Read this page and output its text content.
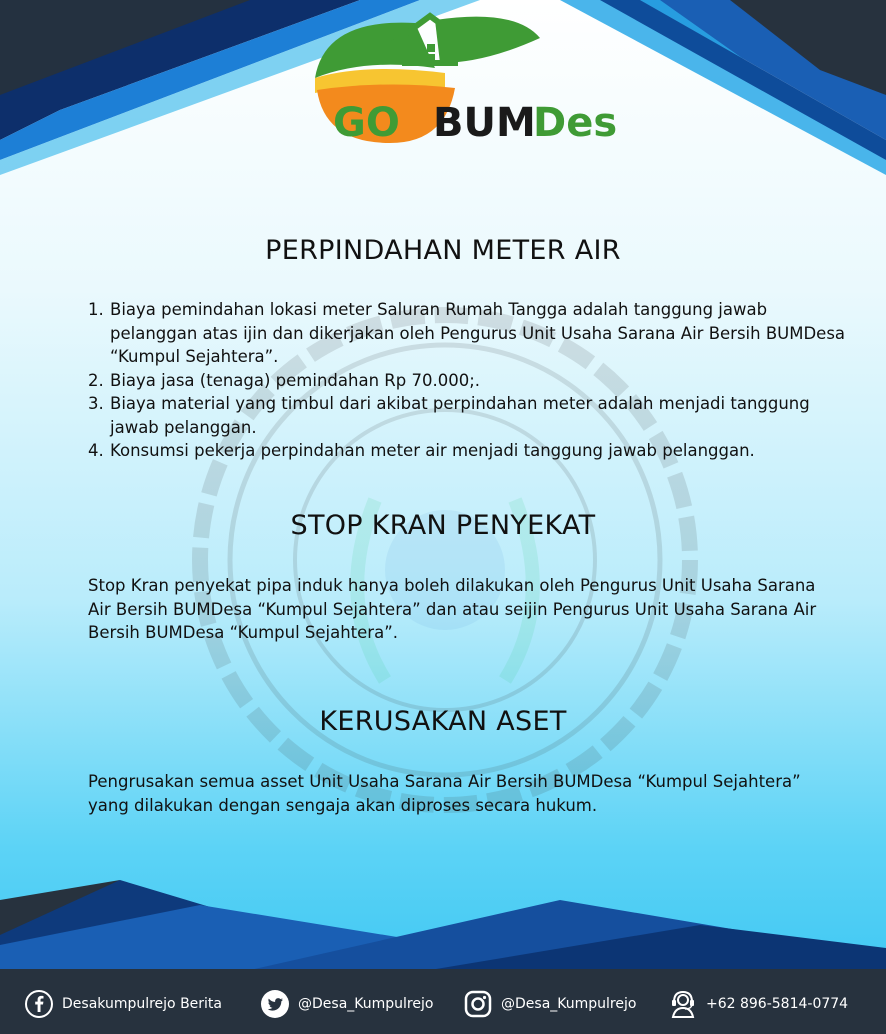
GO BUM
Des
PERPINDAHAN METER AIR
1. Biaya pemindahan lokasi meter Saluran Rumah Tangga adalah tanggung jawab pelanggan atas ijin dan dikerjakan oleh Pengurus Unit Usaha Sarana Air Bersih BUMDesa “Kumpul Sejahtera”.
2. Biaya jasa (tenaga) pemindahan Rp 70.000;.
3. Biaya material yang timbul dari akibat perpindahan meter adalah menjadi tanggung jawab pelanggan.
4. Konsumsi pekerja perpindahan meter air menjadi tanggung jawab pelanggan.
STOP KRAN PENYEKAT

Stop Kran penyekat pipa induk hanya boleh dilakukan oleh Pengurus Unit Usaha Sarana Air Bersih BUMDesa “Kumpul Sejahtera” dan atau seijin Pengurus Unit Usaha Sarana Air Bersih BUMDesa “Kumpul Sejahtera”.

KERUSAKAN ASET

Pengrusakan semua asset Unit Usaha Sarana Air Bersih BUMDesa “Kumpul Sejahtera” yang dilakukan dengan sengaja akan diproses secara hukum.

Desakumpulrejo Berita	@Desa_Kumpulrejo	@Desa_Kumpulrejo	+62 896-5814-0774
